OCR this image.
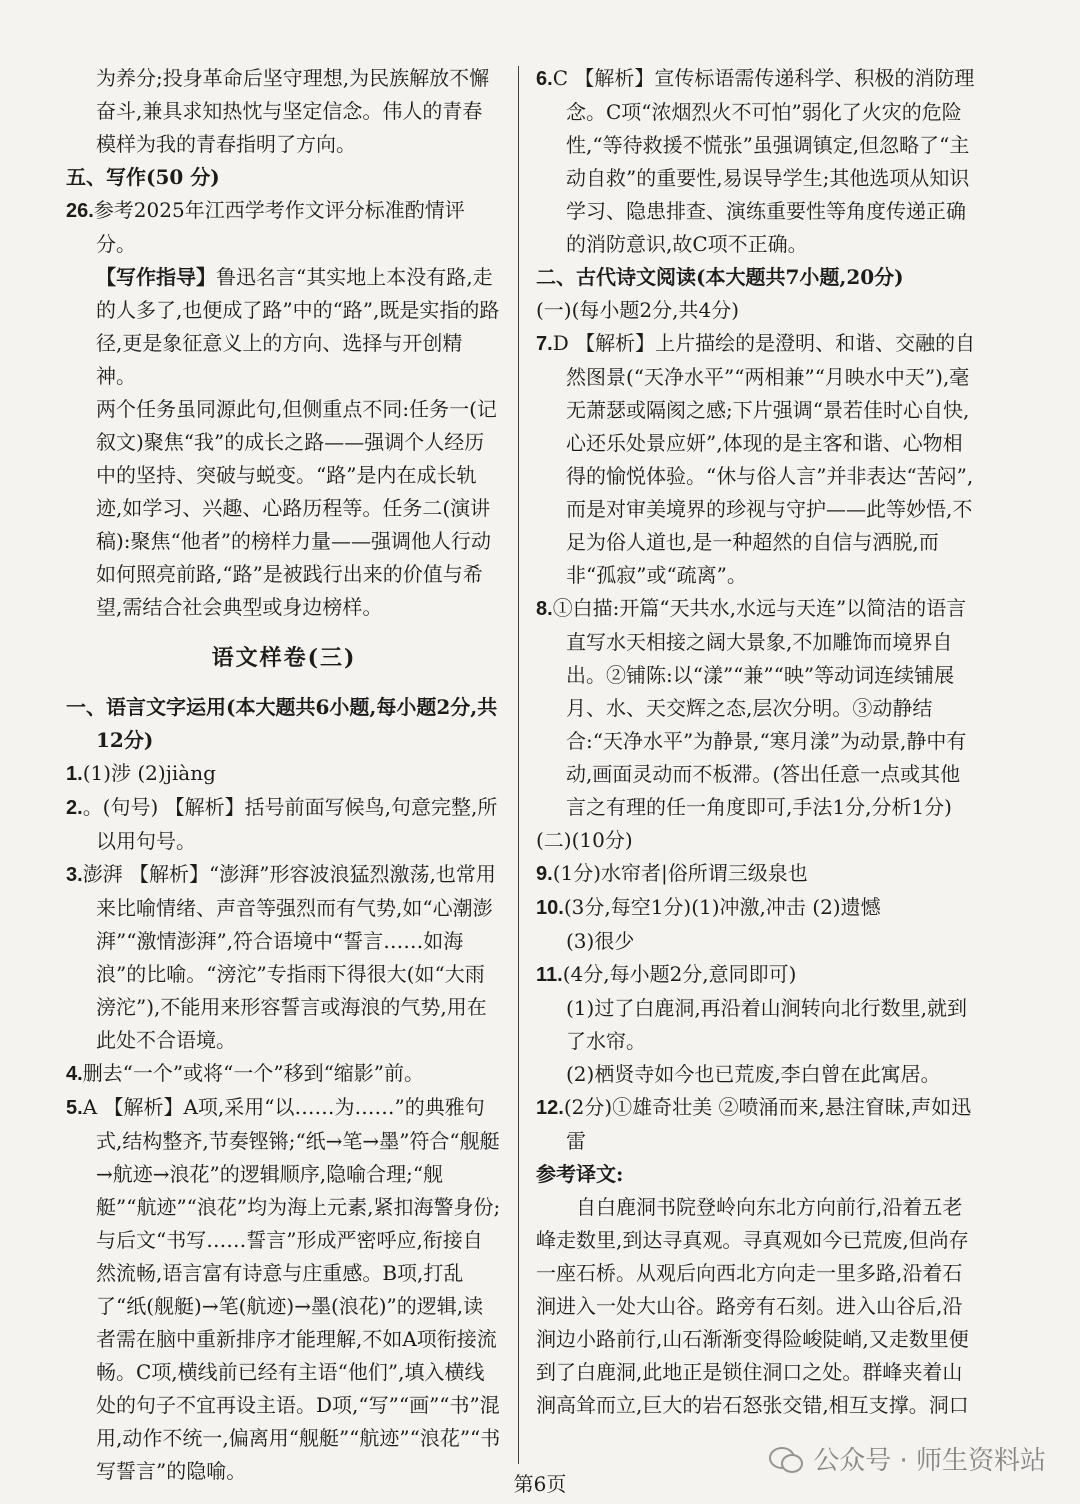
为养分;投身革命后坚守理想,为民族解放不懈奋斗,兼具求知热忱与坚定信念。伟人的青春模样为我的青春指明了方向。

五、写作(50 分)

26.参考2025年江西学考作文评分标准酌情评分。

【写作指导】鲁迅名言“其实地上本没有路,走的人多了,也便成了路”中的“路”,既是实指的路径,更是象征意义上的方向、选择与开创精神。

两个任务虽同源此句,但侧重点不同:任务一(记叙文)聚焦“我”的成长之路——强调个人经历中的坚持、突破与蜕变。“路”是内在成长轨迹,如学习、兴趣、心路历程等。任务二(演讲稿):聚焦“他者”的榜样力量——强调他人行动如何照亮前路,“路”是被践行出来的价值与希望,需结合社会典型或身边榜样。

语文样卷(三)

一、语言文字运用(本大题共6小题,每小题2分,共12分)

1.(1)涉 (2)jiàng

2.。(句号) 【解析】括号前面写候鸟,句意完整,所以用句号。

3.澎湃 【解析】“澎湃”形容波浪猛烈激荡,也常用来比喻情绪、声音等强烈而有气势,如“心潮澎湃”“激情澎湃”,符合语境中“誓言……如海浪”的比喻。“滂沱”专指雨下得很大(如“大雨滂沱”),不能用来形容誓言或海浪的气势,用在此处不合语境。

4.删去“一个”或将“一个”移到“缩影”前。

5.A 【解析】A项,采用“以……为……”的典雅句式,结构整齐,节奏铿锵;“纸→笔→墨”符合“舰艇→航迹→浪花”的逻辑顺序,隐喻合理;“舰艇”“航迹”“浪花”均为海上元素,紧扣海警身份;与后文“书写……誓言”形成严密呼应,衔接自然流畅,语言富有诗意与庄重感。B项,打乱了“纸(舰艇)→笔(航迹)→墨(浪花)”的逻辑,读者需在脑中重新排序才能理解,不如A项衔接流畅。C项,横线前已经有主语“他们”,填入横线处的句子不宜再设主语。D项,“写”“画”“书”混用,动作不统一,偏离用“舰艇”“航迹”“浪花”“书写誓言”的隐喻。

6.C 【解析】宣传标语需传递科学、积极的消防理念。C项“浓烟烈火不可怕”弱化了火灾的危险性,“等待救援不慌张”虽强调镇定,但忽略了“主动自救”的重要性,易误导学生;其他选项从知识学习、隐患排查、演练重要性等角度传递正确的消防意识,故C项不正确。

二、古代诗文阅读(本大题共7小题,20分)

(一)(每小题2分,共4分)

7.D 【解析】上片描绘的是澄明、和谐、交融的自然图景(“天净水平”“两相兼”“月映水中天”),毫无萧瑟或隔阂之感;下片强调“景若佳时心自快,心还乐处景应妍”,体现的是主客和谐、心物相得的愉悦体验。“休与俗人言”并非表达“苦闷”,而是对审美境界的珍视与守护——此等妙悟,不足为俗人道也,是一种超然的自信与洒脱,而非“孤寂”或“疏离”。

8.①白描:开篇“天共水,水远与天连”以简洁的语言直写水天相接之阔大景象,不加雕饰而境界自出。②铺陈:以“漾”“兼”“映”等动词连续铺展月、水、天交辉之态,层次分明。③动静结合:“天净水平”为静景,“寒月漾”为动景,静中有动,画面灵动而不板滞。(答出任意一点或其他言之有理的任一角度即可,手法1分,分析1分)

(二)(10分)

9.(1分)水帘者|俗所谓三级泉也

10.(3分,每空1分)(1)冲激,冲击 (2)遗憾

(3)很少

11.(4分,每小题2分,意同即可)

(1)过了白鹿洞,再沿着山涧转向北行数里,就到了水帘。

(2)栖贤寺如今也已荒废,李白曾在此寓居。

12.(2分)①雄奇壮美 ②喷涌而来,悬注窅昧,声如迅雷

参考译文:

自白鹿洞书院登岭向东北方向前行,沿着五老峰走数里,到达寻真观。寻真观如今已荒废,但尚存一座石桥。从观后向西北方向走一里多路,沿着石涧进入一处大山谷。路旁有石刻。进入山谷后,沿涧边小路前行,山石渐渐变得险峻陡峭,又走数里便到了白鹿洞,此地正是锁住洞口之处。群峰夹着山涧高耸而立,巨大的岩石怒张交错,相互支撑。洞口

第6页
公众号 · 师生资料站
